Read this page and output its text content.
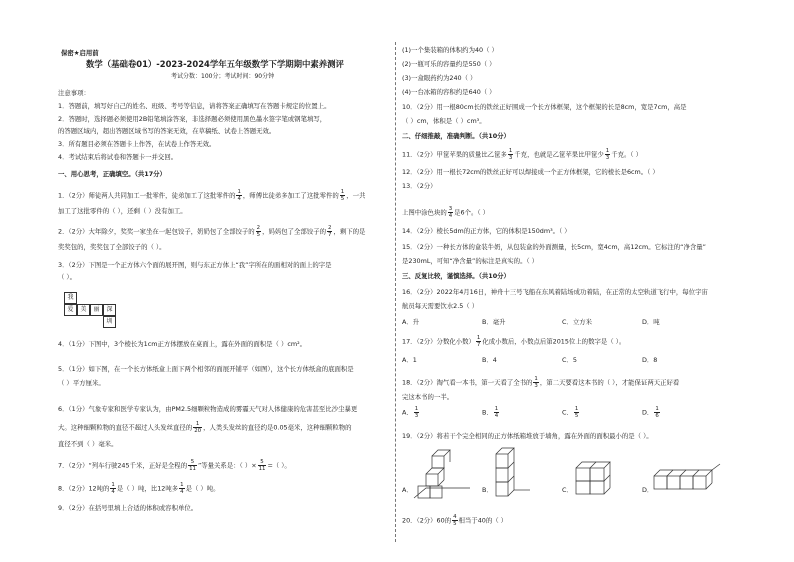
保密★启用前
数学（基础卷01）-2023-2024学年五年级数学下学期期中素养测评
考试分数：100分；考试时间：90分钟
注意事项：
1．答题前，填写好自己的姓名、班级、考号等信息，请将答案正确填写在答题卡规定的位置上。
2．答题时，选择题必须使用2B铅笔填涂答案，非选择题必须使用黑色墨水签字笔或钢笔填写，
的答题区域内，超出答题区域书写的答案无效，在草稿纸、试卷上答题无效。
3．所有题目必须在答题卡上作答，在试卷上作答无效。
4．考试结束后将试卷和答题卡一并交回。
一、用心思考，正确填空。（共17分）
1．（2分）师徒两人共同加工一批零件，徒弟加工了这批零件的 $\frac{1}{4}$ ，师傅比徒弟多加工了这批零件的 $\frac{1}{5}$ ，一共
加工了这批零件的（ ），还剩（ ）没有加工。
2．（2分）大年除夕，奖奖一家坐在一起包饺子，奶奶包了全部饺子的 $\frac{2}{5}$ ，妈妈包了全部饺子的 $\frac{2}{7}$ ，剩下的是
奖奖包的，奖奖包了全部饺子的（ ）。
3．（2分）下图是一个正方体六个面的展开图，则与东正方体上“我”字所在的面相对的面上的字是
（ ）。
我
爱	美	丽	深
圳
4．（1分）下图中，3个棱长为1cm正方体摆放在桌面上，露在外面的面积是（ ）cm²。
5．（1分）如下图，在一个长方体纸盒上面下两个相邻的面展开铺平（如图），这个长方体纸盒的底面积是
（ ）平方厘米。
6．（1分）气象专家和医学专家认为，由PM2.5细颗粒物造成的雾霾天气对人体健康的危害甚至比沙尘暴更
大。这种细颗粒物的直径不超过人头发丝直径的 $\frac{1}{20}$ ，人类头发丝的直径约是0.05毫米，这种细颗粒物的
直径不到（ ）毫米。
7．（2分）“列车行驶245千米，正好是全程的 $\frac{5}{11}$ ”等量关系是：（ ）× $\frac{5}{11}$ =（ ）。
8．（2分）12吨的 $\frac{1}{4}$ 是（ ）吨，比12吨多 $\frac{1}{4}$ 是（ ）吨。
9．（2分）在括号里填上合适的体积或容积单位。
(1)一个集装箱的体积约为40（ ）
(2)一瓶可乐的容量约是550（ ）
(3)一盒眼药约为240（ ）
(4)一台冰箱的容积约是640（ ）
10．（2分）用一根80cm长的铁丝正好围成一个长方体框架，这个框架的长是8cm，宽是7cm，高是
（ ）cm，体积是（ ）cm³。
二、仔细推敲，准确判断。（共10分）
11．（2分）甲筐苹果的质量比乙筐多 $\frac{1}{3}$ 千克，也就是乙筐苹果比甲筐少 $\frac{1}{3}$ 千克。（ ）
12．（2分）用一根长72cm的铁丝正好可以焊接成一个正方体框架，它的棱长是6cm。（ ）
13．（2分）
上图中涂色块的 $\frac{3}{4}$ 是6个。（ ）
14．（2分）棱长5dm的正方体，它的体积是150dm³。（ ）
15．（2分）一种长方体的盒装牛奶，从包装盒的外面测量，长5cm，宽4cm，高12cm。它标注的“净含量”
是230mL，可知“净含量”的标注是真实的。（ ）
三、反复比较，谨慎选择。（共10分）
16．（2分）2022年4月16日，神舟十三号飞船在东风着陆场成功着陆，在正常的太空轨道飞行中，每位宇宙
航员每天需要饮水2.5（ ）
A．升	B．毫升	C．立方米	D．吨
17．（2分）分数化小数） $\frac{1}{7}$ 化成小数后，小数点后第2015位上的数字是（ ）。
A．1	B．4	C．5	D．8
18．（2分）淘气看一本书，第一天看了全书的 $\frac{1}{3}$ ，第二天要看这本书的（ ），才能保证两天正好看
完这本书的一半。
A． $\frac{1}{3}$	B． $\frac{1}{4}$	C． $\frac{1}{5}$	D． $\frac{1}{6}$
19．（2分）将若干个完全相同的正方体纸箱堆放于墙角，露在外面的面积最小的是（ ）。
A．	B．	C．	D．
20．（2分）60的 $\frac{4}{5}$ 相当于40的（ ）
